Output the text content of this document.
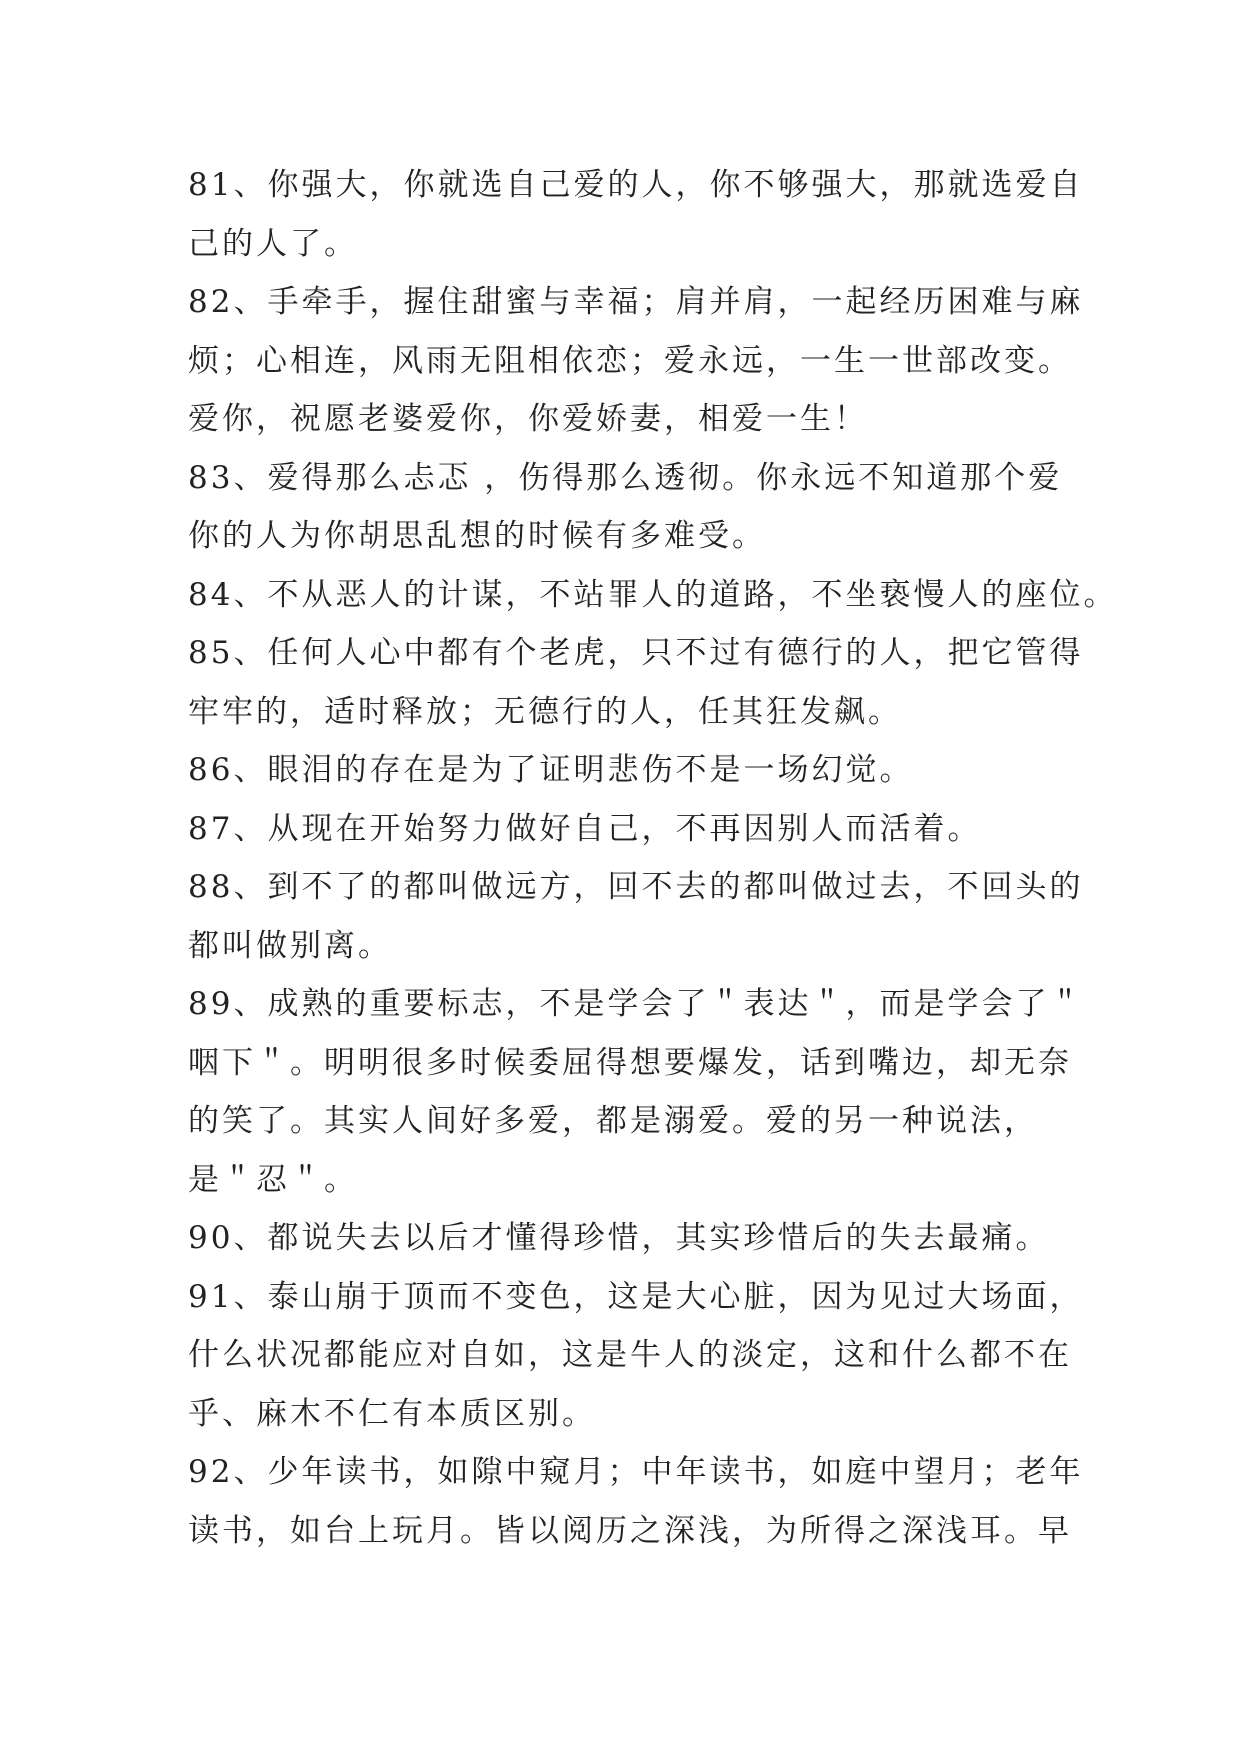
81、你强大，你就选自己爱的人，你不够强大，那就选爱自
己的人了。
82、手牵手，握住甜蜜与幸福；肩并肩，一起经历困难与麻
烦；心相连，风雨无阻相依恋；爱永远，一生一世部改变。
爱你，祝愿老婆爱你，你爱娇妻，相爱一生！
83、爱得那么忐忑 ，伤得那么透彻。你永远不知道那个爱
你的人为你胡思乱想的时候有多难受。
84、不从恶人的计谋，不站罪人的道路，不坐亵慢人的座位。
85、任何人心中都有个老虎，只不过有德行的人，把它管得
牢牢的，适时释放；无德行的人，任其狂发飙。
86、眼泪的存在是为了证明悲伤不是一场幻觉。
87、从现在开始努力做好自己，不再因别人而活着。
88、到不了的都叫做远方，回不去的都叫做过去，不回头的
都叫做别离。
89、成熟的重要标志，不是学会了＂表达＂，而是学会了＂
咽下＂。明明很多时候委屈得想要爆发，话到嘴边，却无奈
的笑了。其实人间好多爱，都是溺爱。爱的另一种说法，
是＂忍＂。
90、都说失去以后才懂得珍惜，其实珍惜后的失去最痛。
91、泰山崩于顶而不变色，这是大心脏，因为见过大场面，
什么状况都能应对自如，这是牛人的淡定，这和什么都不在
乎、麻木不仁有本质区别。
92、少年读书，如隙中窥月；中年读书，如庭中望月；老年
读书，如台上玩月。皆以阅历之深浅，为所得之深浅耳。早
